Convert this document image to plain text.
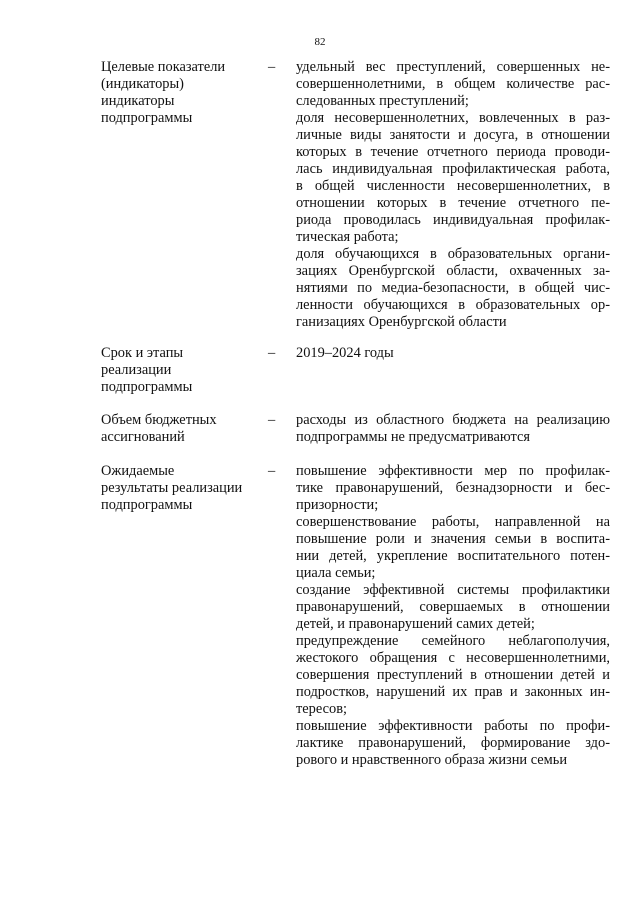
82
Целевые показатели
(индикаторы)
индикаторы
подпрограммы
– удельный вес преступлений, совершенных не-
совершеннолетними, в общем количестве рас-
следованных преступлений;
доля несовершеннолетних, вовлеченных в раз-
личные виды занятости и досуга, в отношении
которых в течение отчетного периода проводи-
лась индивидуальная профилактическая работа,
в общей численности несовершеннолетних, в
отношении которых в течение отчетного пе-
риода проводилась индивидуальная профилак-
тическая работа;
доля обучающихся в образовательных органи-
зациях Оренбургской области, охваченных за-
нятиями по медиа-безопасности, в общей чис-
ленности обучающихся в образовательных ор-
ганизациях Оренбургской области
Срок и этапы
реализации
подпрограммы
– 2019–2024 годы
Объем бюджетных
ассигнований
– расходы из областного бюджета на реализацию
подпрограммы не предусматриваются
Ожидаемые
результаты реализации
подпрограммы
– повышение эффективности мер по профилак-
тике правонарушений, безнадзорности и бес-
призорности;
совершенствование работы, направленной на
повышение роли и значения семьи в воспита-
нии детей, укрепление воспитательного потен-
циала семьи;
создание эффективной системы профилактики
правонарушений, совершаемых в отношении
детей, и правонарушений самих детей;
предупреждение семейного неблагополучия,
жестокого обращения с несовершеннолетними,
совершения преступлений в отношении детей и
подростков, нарушений их прав и законных ин-
тересов;
повышение эффективности работы по профи-
лактике правонарушений, формирование здо-
рового и нравственного образа жизни семьи
